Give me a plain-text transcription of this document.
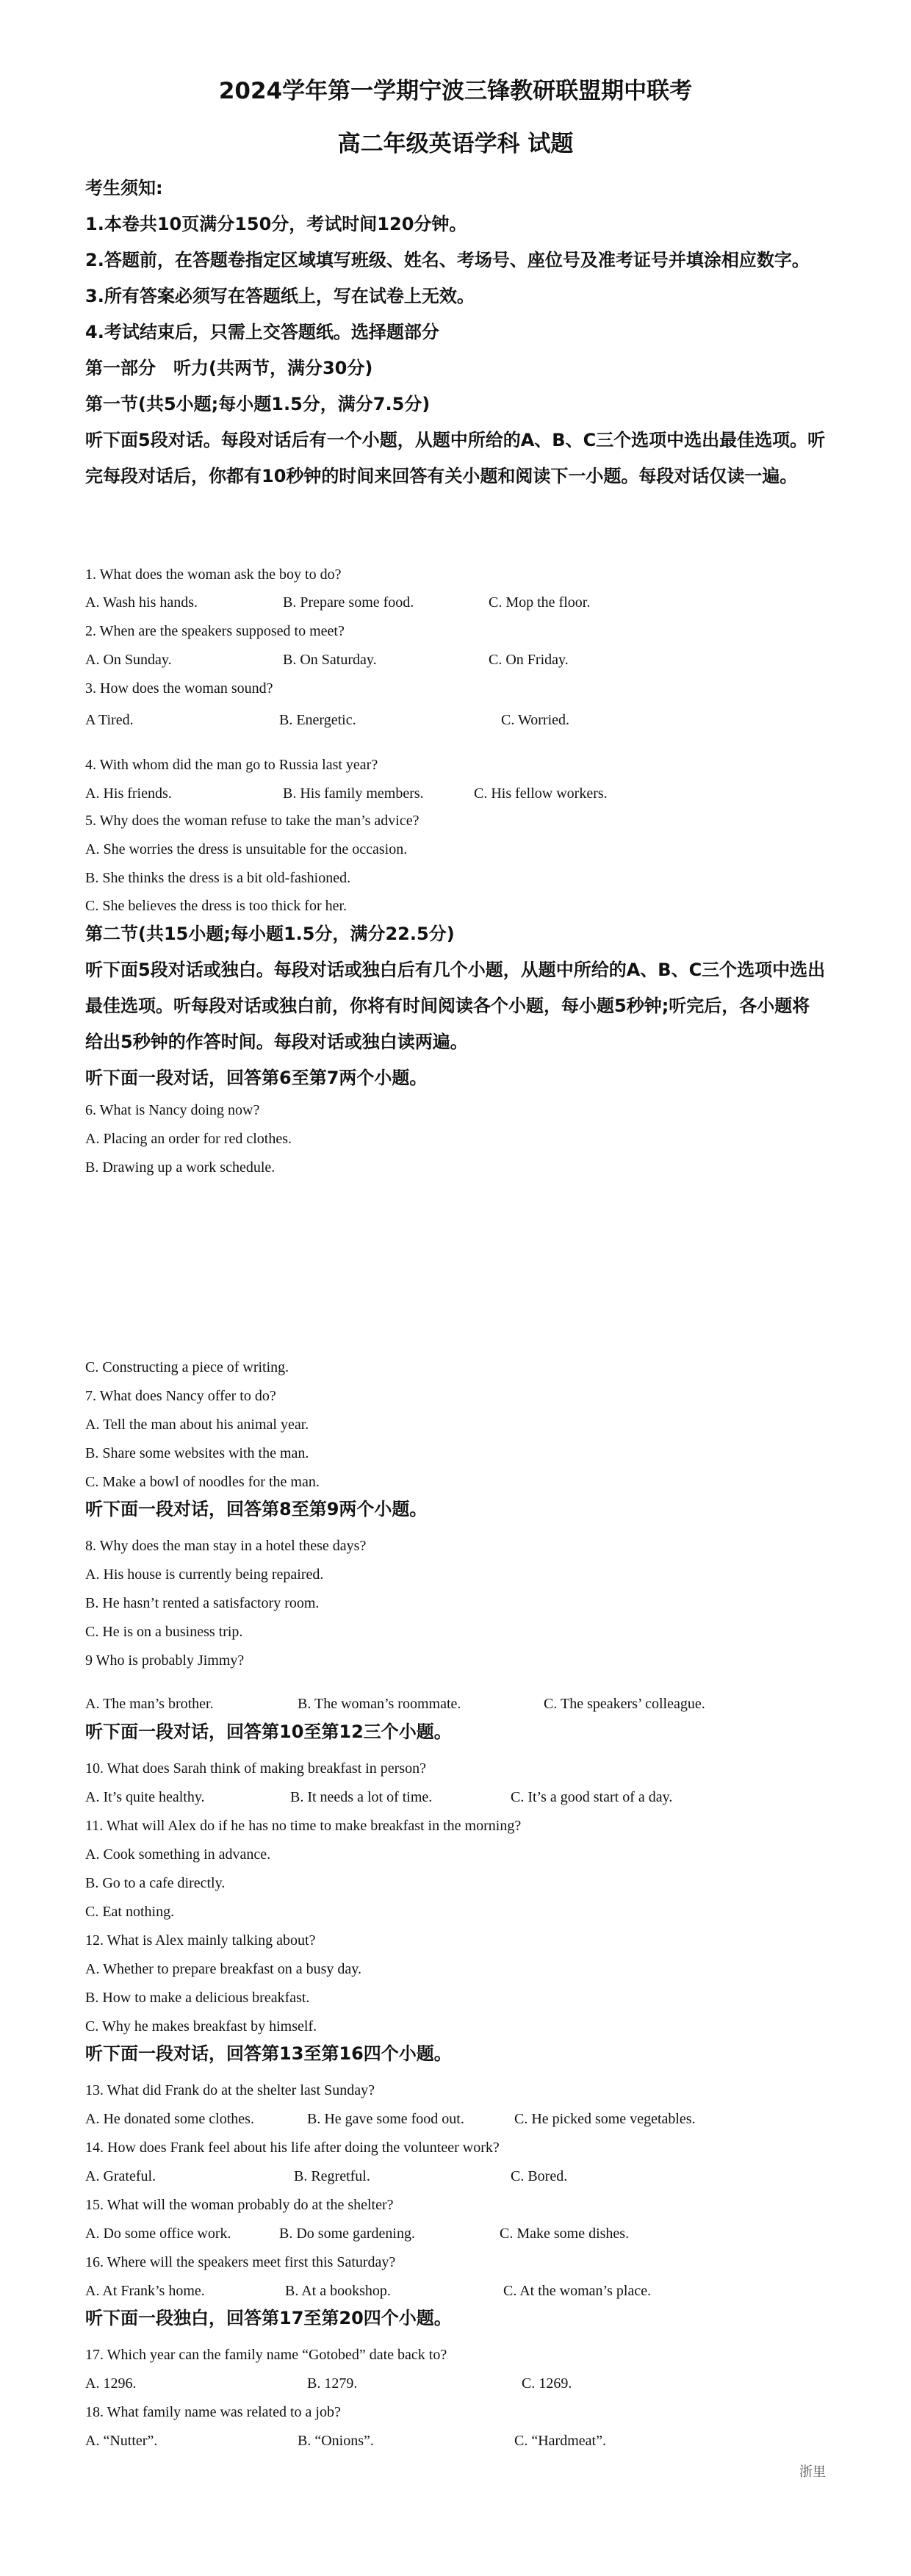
2024学年第一学期宁波三锋教研联盟期中联考
高二年级英语学科 试题
考生须知:
1.本卷共10页满分150分，考试时间120分钟。
2.答题前，在答题卷指定区域填写班级、姓名、考场号、座位号及准考证号并填涂相应数字。
3.所有答案必须写在答题纸上，写在试卷上无效。
4.考试结束后，只需上交答题纸。选择题部分
第一部分　听力(共两节，满分30分)
第一节(共5小题;每小题1.5分，满分7.5分)
听下面5段对话。每段对话后有一个小题，从题中所给的A、B、C三个选项中选出最佳选项。听完每段对话后，你都有10秒钟的时间来回答有关小题和阅读下一小题。每段对话仅读一遍。
1. What does the woman ask the boy to do?
A. Wash his hands.	B. Prepare some food.	C. Mop the floor.
2. When are the speakers supposed to meet?
A. On Sunday.	B. On Saturday.	C. On Friday.
3. How does the woman sound?
A Tired.	B. Energetic.	C. Worried.
4. With whom did the man go to Russia last year?
A. His friends.	B. His family members.	C. His fellow workers.
5. Why does the woman refuse to take the man’s advice?
A. She worries the dress is unsuitable for the occasion.
B. She thinks the dress is a bit old-fashioned.
C. She believes the dress is too thick for her.
第二节(共15小题;每小题1.5分，满分22.5分)
听下面5段对话或独白。每段对话或独白后有几个小题，从题中所给的A、B、C三个选项中选出最佳选项。听每段对话或独白前，你将有时间阅读各个小题，每小题5秒钟;听完后，各小题将给出5秒钟的作答时间。每段对话或独白读两遍。
听下面一段对话，回答第6至第7两个小题。
6. What is Nancy doing now?
A. Placing an order for red clothes.
B. Drawing up a work schedule.
C. Constructing a piece of writing.
7. What does Nancy offer to do?
A. Tell the man about his animal year.
B. Share some websites with the man.
C. Make a bowl of noodles for the man.
听下面一段对话，回答第8至第9两个小题。
8. Why does the man stay in a hotel these days?
A. His house is currently being repaired.
B. He hasn’t rented a satisfactory room.
C. He is on a business trip.
9 Who is probably Jimmy?
A. The man’s brother.	B. The woman’s roommate.	C. The speakers’ colleague.
听下面一段对话，回答第10至第12三个小题。
10. What does Sarah think of making breakfast in person?
A. It’s quite healthy.	B. It needs a lot of time.	C. It’s a good start of a day.
11. What will Alex do if he has no time to make breakfast in the morning?
A. Cook something in advance.
B. Go to a cafe directly.
C. Eat nothing.
12. What is Alex mainly talking about?
A. Whether to prepare breakfast on a busy day.
B. How to make a delicious breakfast.
C. Why he makes breakfast by himself.
听下面一段对话，回答第13至第16四个小题。
13. What did Frank do at the shelter last Sunday?
A. He donated some clothes.	B. He gave some food out.	C. He picked some vegetables.
14. How does Frank feel about his life after doing the volunteer work?
A. Grateful.	B. Regretful.	C. Bored.
15. What will the woman probably do at the shelter?
A. Do some office work.	B. Do some gardening.	C. Make some dishes.
16. Where will the speakers meet first this Saturday?
A. At Frank’s home.	B. At a bookshop.	C. At the woman’s place.
听下面一段独白，回答第17至第20四个小题。
17. Which year can the family name “Gotobed” date back to?
A. 1296.	B. 1279.	C. 1269.
18. What family name was related to a job?
A. “Nutter”.	B. “Onions”.	C. “Hardmeat”.
浙里
